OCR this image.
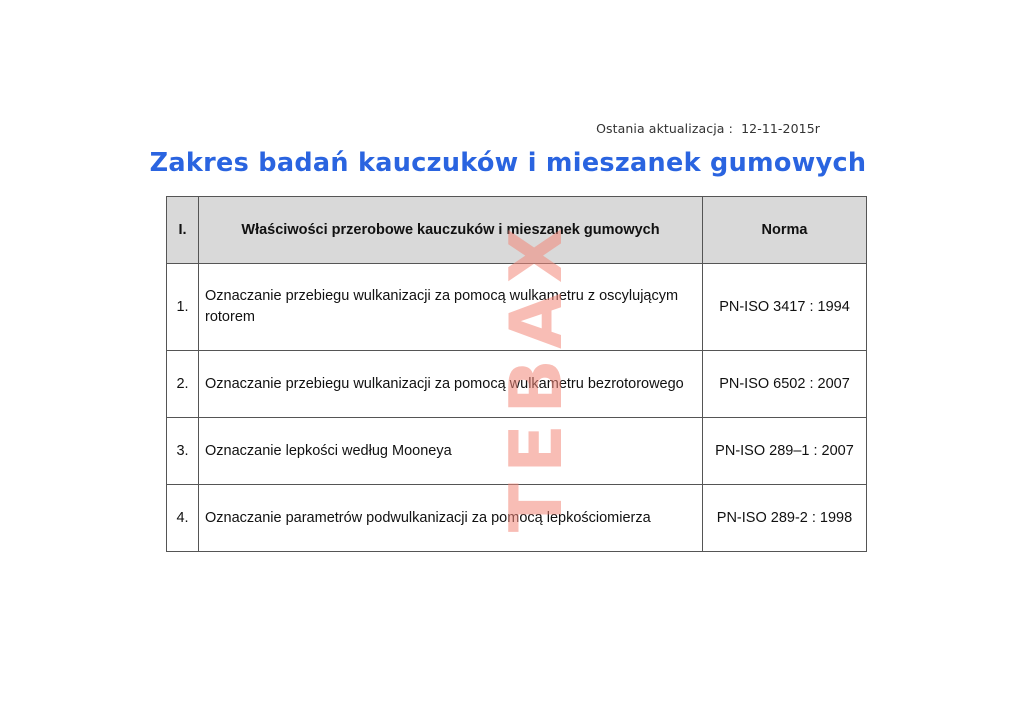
Ostania aktualizacja : 12-11-2015r
Zakres badań kauczuków i mieszanek gumowych
TEBAX
I.	Właściwości przerobowe kauczuków i mieszanek gumowych	Norma
1.	Oznaczanie przebiegu wulkanizacji za pomocą wulkametru z oscylującym rotorem	PN-ISO 3417 : 1994
2.	Oznaczanie przebiegu wulkanizacji za pomocą wulkametru bezrotorowego	PN-ISO 6502 : 2007
3.	Oznaczanie lepkości według Mooneya	PN-ISO 289–1 : 2007
4.	Oznaczanie parametrów podwulkanizacji za pomocą lepkościomierza	PN-ISO 289-2 : 1998
